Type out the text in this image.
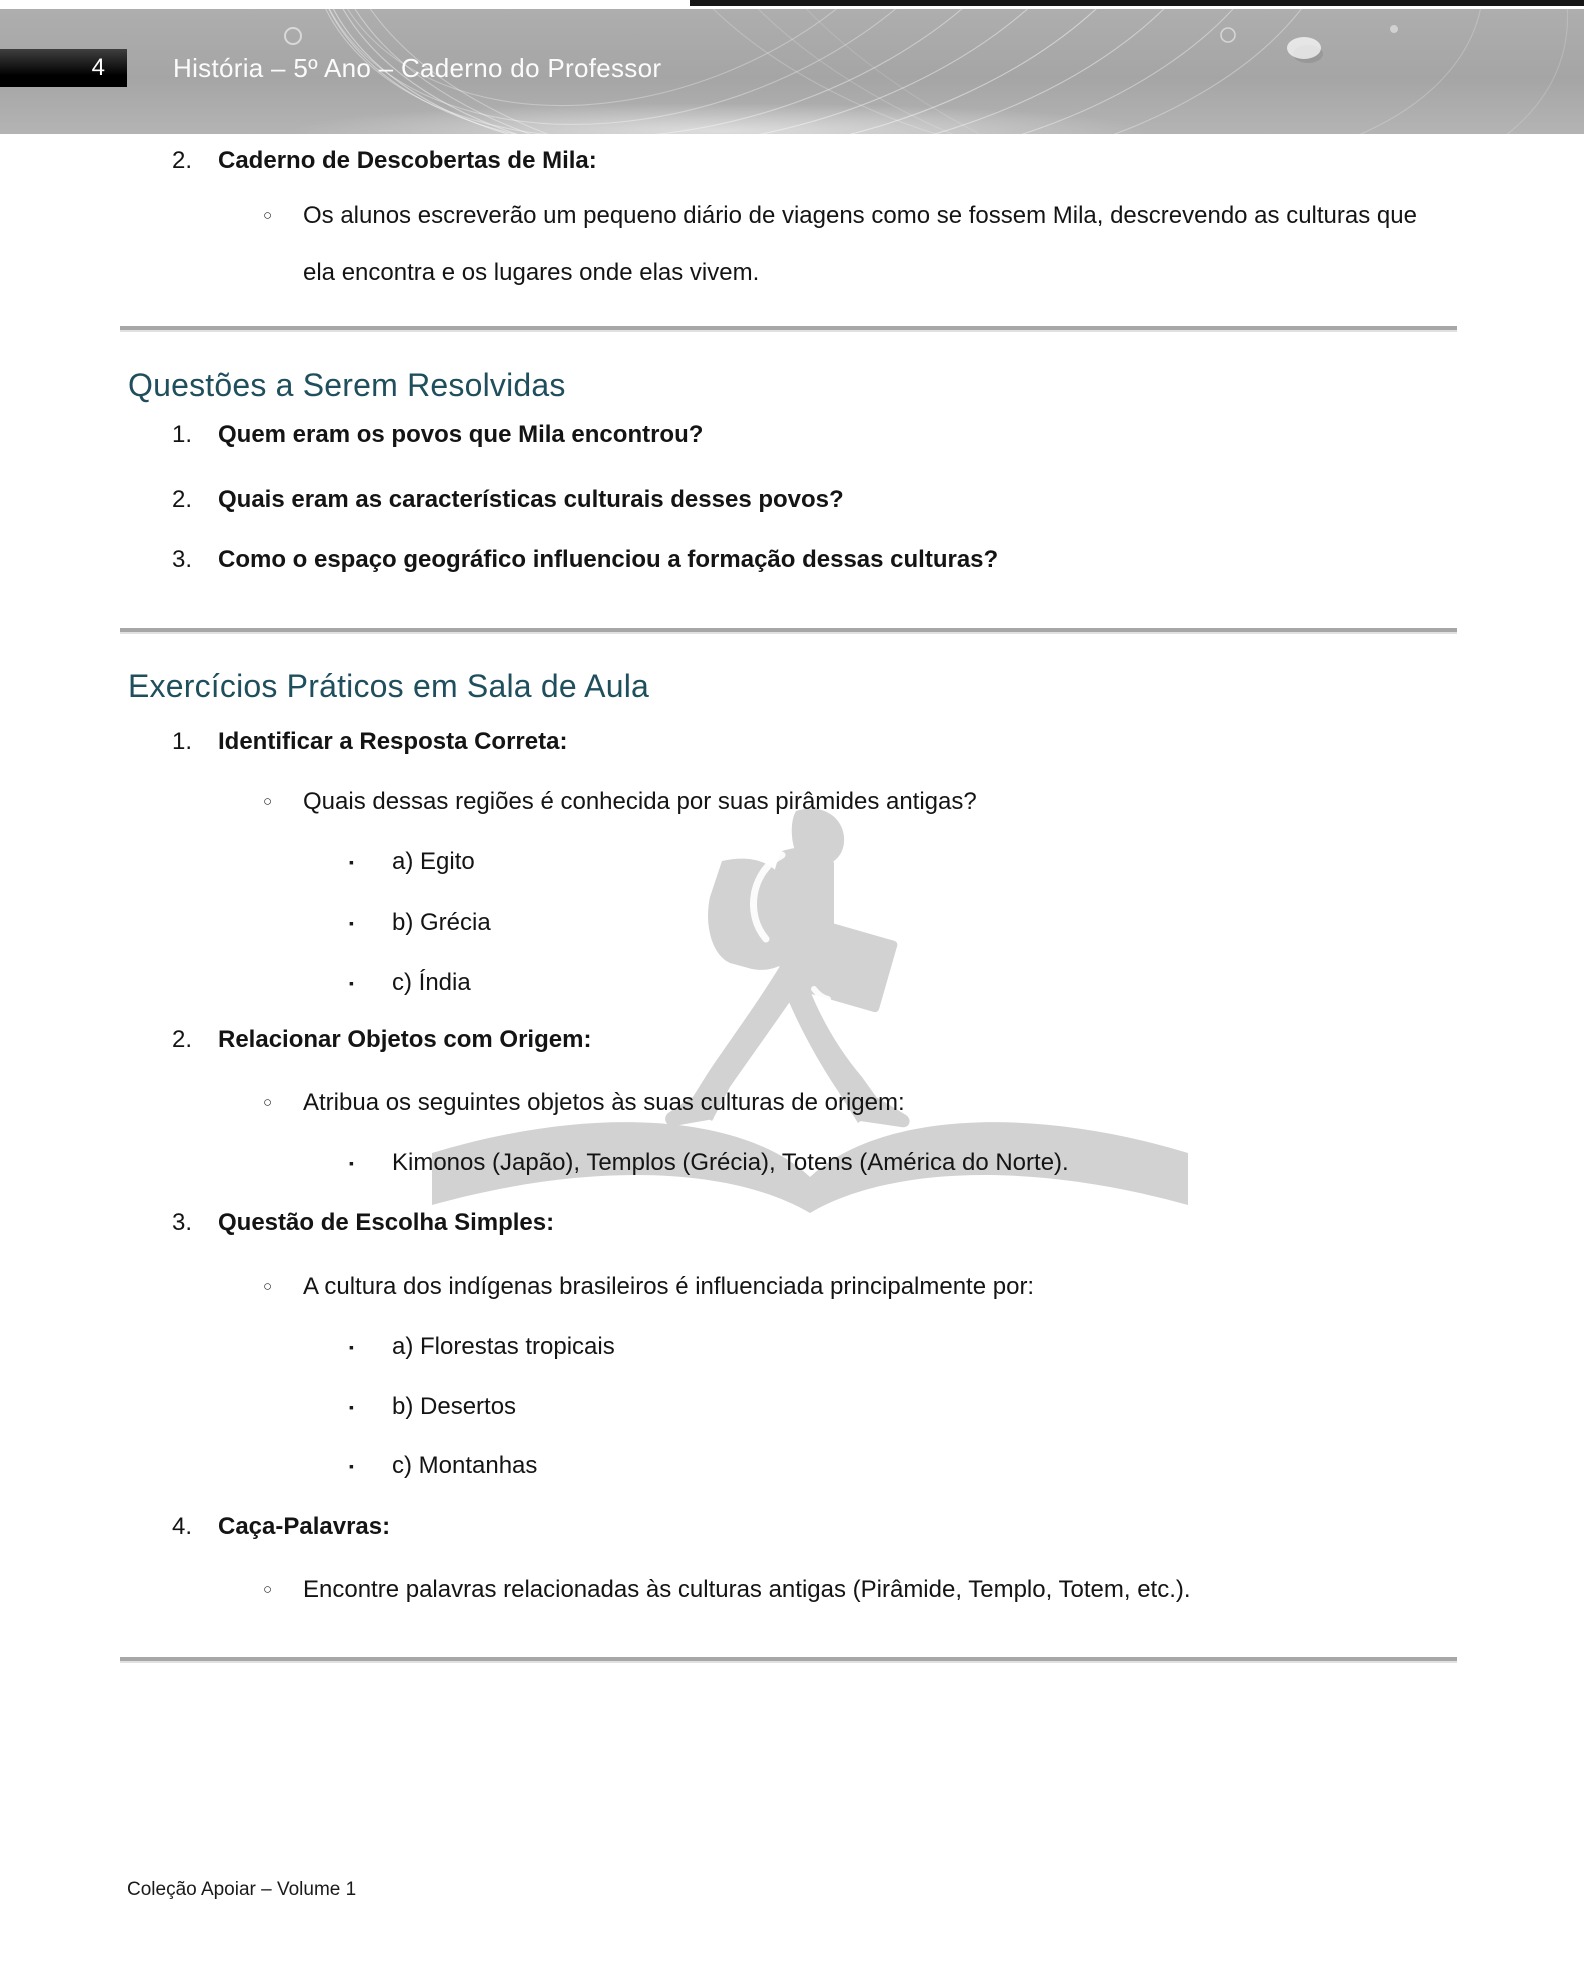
4	História – 5º Ano – Caderno do Professor
2.	Caderno de Descobertas de Mila:
○	Os alunos escreverão um pequeno diário de viagens como se fossem Mila, descrevendo as culturas que ela encontra e os lugares onde elas vivem.
Questões a Serem Resolvidas
1.	Quem eram os povos que Mila encontrou?
2.	Quais eram as características culturais desses povos?
3.	Como o espaço geográfico influenciou a formação dessas culturas?
Exercícios Práticos em Sala de Aula
1.	Identificar a Resposta Correta:
○	Quais dessas regiões é conhecida por suas pirâmides antigas?
▪	a) Egito
▪	b) Grécia
▪	c) Índia
2.	Relacionar Objetos com Origem:
○	Atribua os seguintes objetos às suas culturas de origem:
▪	Kimonos (Japão), Templos (Grécia), Totens (América do Norte).
3.	Questão de Escolha Simples:
○	A cultura dos indígenas brasileiros é influenciada principalmente por:
▪	a) Florestas tropicais
▪	b) Desertos
▪	c) Montanhas
4.	Caça-Palavras:
○	Encontre palavras relacionadas às culturas antigas (Pirâmide, Templo, Totem, etc.).
Coleção Apoiar – Volume 1
